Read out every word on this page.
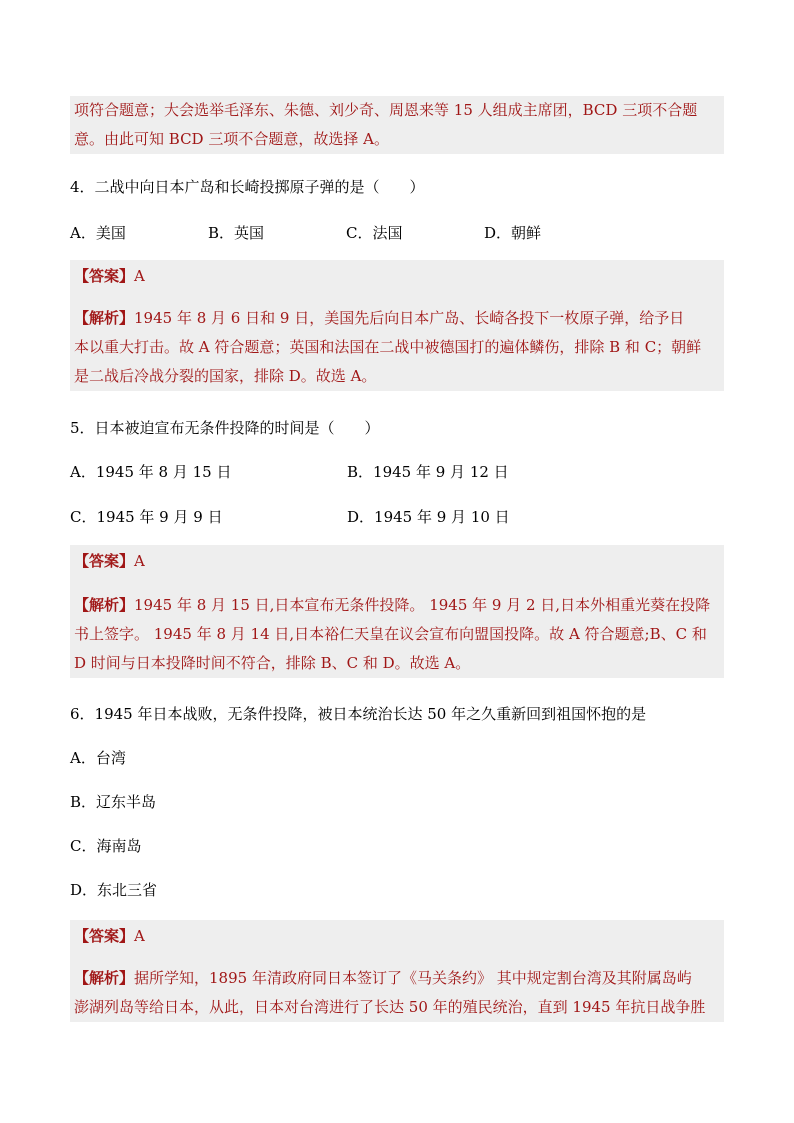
项符合题意；大会选举毛泽东、朱德、刘少奇、周恩来等 15 人组成主席团，BCD 三项不合题
意。由此可知 BCD 三项不合题意，故选择 A。
4．二战中向日本广岛和长崎投掷原子弹的是（　　）
A．美国	B．英国	C．法国	D．朝鲜
【答案】A
【解析】1945 年 8 月 6 日和 9 日，美国先后向日本广岛、长崎各投下一枚原子弹，给予日
本以重大打击。故 A 符合题意；英国和法国在二战中被德国打的遍体鳞伤，排除 B 和 C；朝鲜
是二战后冷战分裂的国家，排除 D。故选 A。
5．日本被迫宣布无条件投降的时间是（　　）
A．1945 年 8 月 15 日	B．1945 年 9 月 12 日
C．1945 年 9 月 9 日	D．1945 年 9 月 10 日
【答案】A
【解析】1945 年 8 月 15 日,日本宣布无条件投降。 1945 年 9 月 2 日,日本外相重光葵在投降
书上签字。 1945 年 8 月 14 日,日本裕仁天皇在议会宣布向盟国投降。故 A 符合题意;B、C 和
D 时间与日本投降时间不符合，排除 B、C 和 D。故选 A。
6．1945 年日本战败，无条件投降，被日本统治长达 50 年之久重新回到祖国怀抱的是
A．台湾
B．辽东半岛
C．海南岛
D．东北三省
【答案】A
【解析】据所学知，1895 年清政府同日本签订了《马关条约》 其中规定割台湾及其附属岛屿
澎湖列岛等给日本，从此，日本对台湾进行了长达 50 年的殖民统治，直到 1945 年抗日战争胜
